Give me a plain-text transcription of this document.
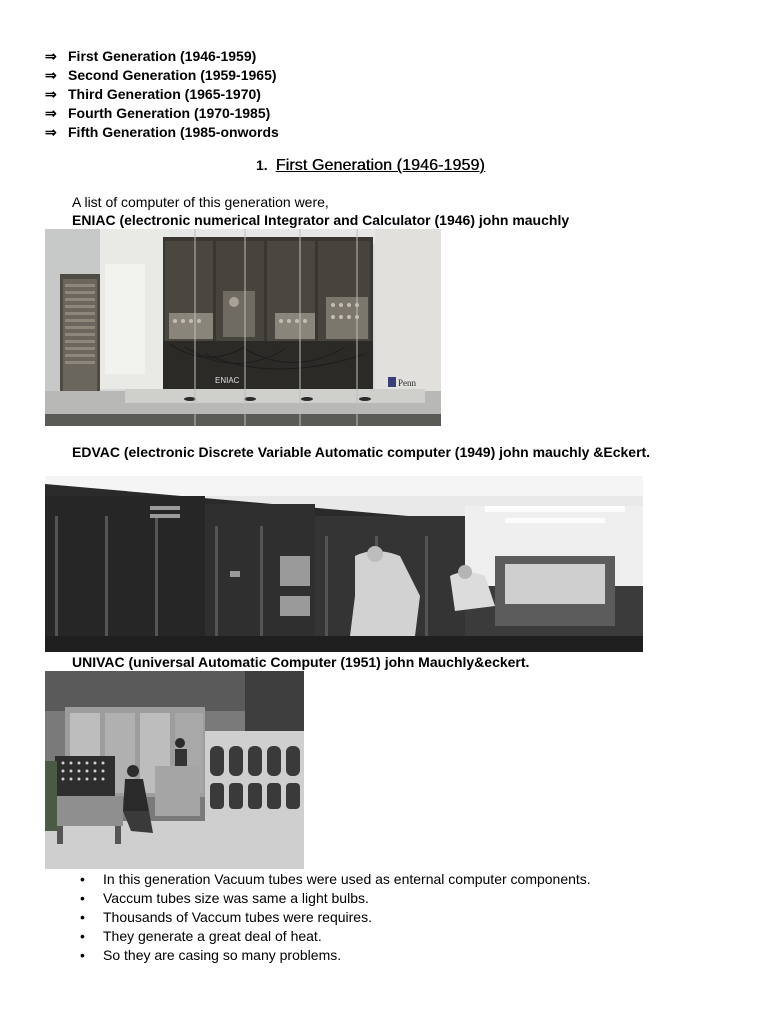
⇒ First Generation (1946-1959)
⇒ Second Generation (1959-1965)
⇒ Third Generation (1965-1970)
⇒ Fourth Generation (1970-1985)
⇒ Fifth Generation (1985-onwords
1. First Generation (1946-1959)
A list of computer of this generation were,
ENIAC (electronic numerical Integrator and Calculator (1946) john mauchly
ENIAC	Penn
EDVAC (electronic Discrete Variable Automatic computer (1949) john mauchly &Eckert.
UNIVAC (universal Automatic Computer (1951) john Mauchly&eckert.
• In this generation Vacuum tubes were used as enternal computer components.
• Vaccum tubes size was same a light bulbs.
• Thousands of Vaccum tubes were requires.
• They generate a great deal of heat.
• So they are casing so many problems.
